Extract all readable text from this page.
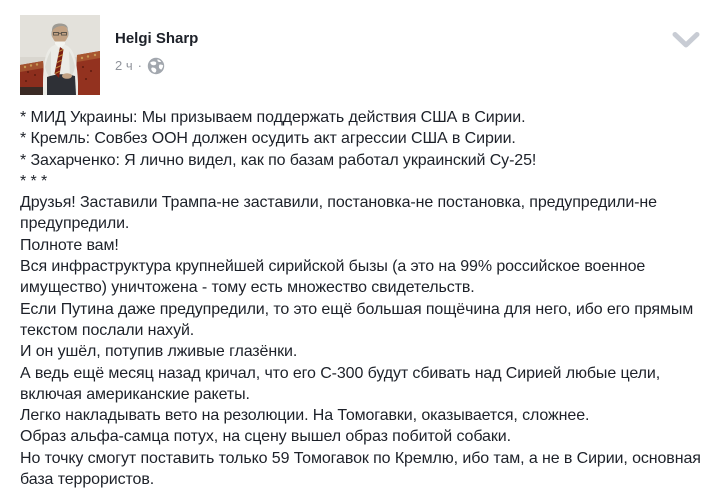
Helgi Sharp
2 ч ·
* МИД Украины: Мы призываем поддержать действия США в Сирии.
* Кремль: Совбез ООН должен осудить акт агрессии США в Сирии.
* Захарченко: Я лично видел, как по базам работал украинский Су-25!
* * *
Друзья! Заставили Трампа-не заставили, постановка-не постановка, предупредили-не предупредили.
Полноте вам!
Вся инфраструктура крупнейшей сирийской бызы (а это на 99% российское военное имущество) уничтожена - тому есть множество свидетельств.
Если Путина даже предупредили, то это ещё большая пощёчина для него, ибо его прямым текстом послали нахуй.
И он ушёл, потупив лживые глазёнки.
А ведь ещё месяц назад кричал, что его С-300 будут сбивать над Сирией любые цели, включая американские ракеты.
Легко накладывать вето на резолюции. На Томогавки, оказывается, сложнее.
Образ альфа-самца потух, на сцену вышел образ побитой собаки.
Но точку смогут поставить только 59 Томогавок по Кремлю, ибо там, а не в Сирии, основная база террористов.
